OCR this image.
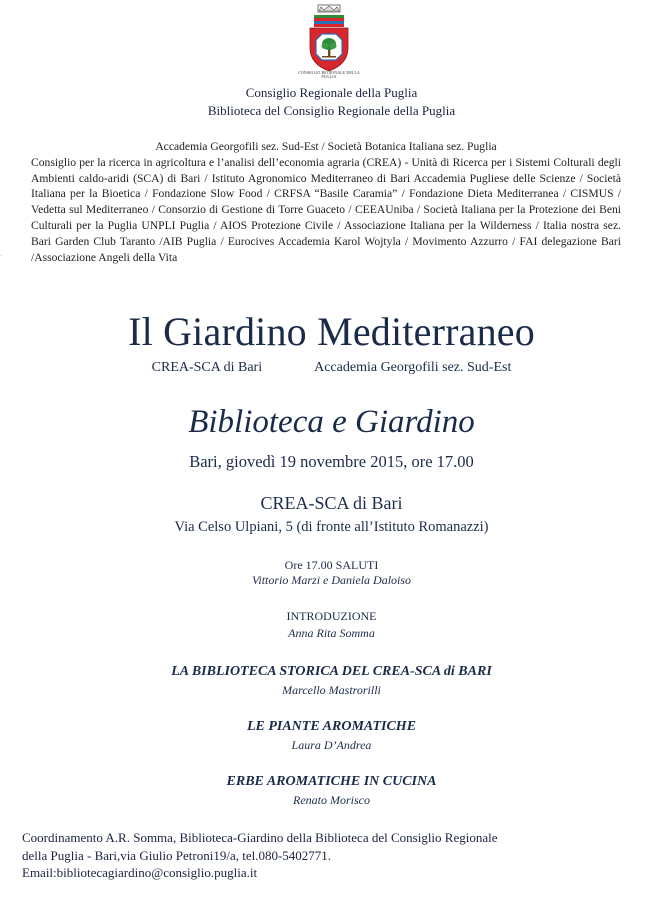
CONSIGLIO REGIONALE DELLA PUGLIA
Consiglio Regionale della Puglia
Biblioteca del Consiglio Regionale della Puglia
Accademia Georgofili sez. Sud-Est / Società Botanica Italiana sez. Puglia
Consiglio per la ricerca in agricoltura e l’analisi dell’economia agraria (CREA) - Unità di Ricerca per i Sistemi Colturali degli Ambienti caldo-aridi (SCA) di Bari / Istituto Agronomico Mediterraneo di Bari Accademia Pugliese delle Scienze / Società Italiana per la Bioetica / Fondazione Slow Food / CRFSA “Basile Caramia” / Fondazione Dieta Mediterranea / CISMUS / Vedetta sul Mediterraneo / Consorzio di Gestione di Torre Guaceto / CEEAUniba / Società Italiana per la Protezione dei Beni Culturali per la Puglia UNPLI Puglia / AIOS Protezione Civile / Associazione Italiana per la Wilderness / Italia nostra sez. Bari Garden Club Taranto /AIB Puglia / Eurocives Accademia Karol Wojtyla / Movimento Azzurro / FAI delegazione Bari /Associazione Angeli della Vita
·
Il Giardino Mediterraneo
CREA-SCA di Bari	Accademia Georgofili sez. Sud-Est
Biblioteca e Giardino
Bari, giovedì 19 novembre 2015, ore 17.00
CREA-SCA di Bari
Via Celso Ulpiani, 5 (di fronte all’Istituto Romanazzi)
Ore 17.00 SALUTI
Vittorio Marzi e Daniela Daloiso
INTRODUZIONE
Anna Rita Somma
LA BIBLIOTECA STORICA DEL CREA-SCA di BARI
Marcello Mastrorilli
LE PIANTE AROMATICHE
Laura D’Andrea
ERBE AROMATICHE IN CUCINA
Renato Morisco
Coordinamento A.R. Somma, Biblioteca-Giardino della Biblioteca del Consiglio Regionale
della Puglia - Bari,via Giulio Petroni19/a, tel.080-5402771.
Email:bibliotecagiardino@consiglio.puglia.it
